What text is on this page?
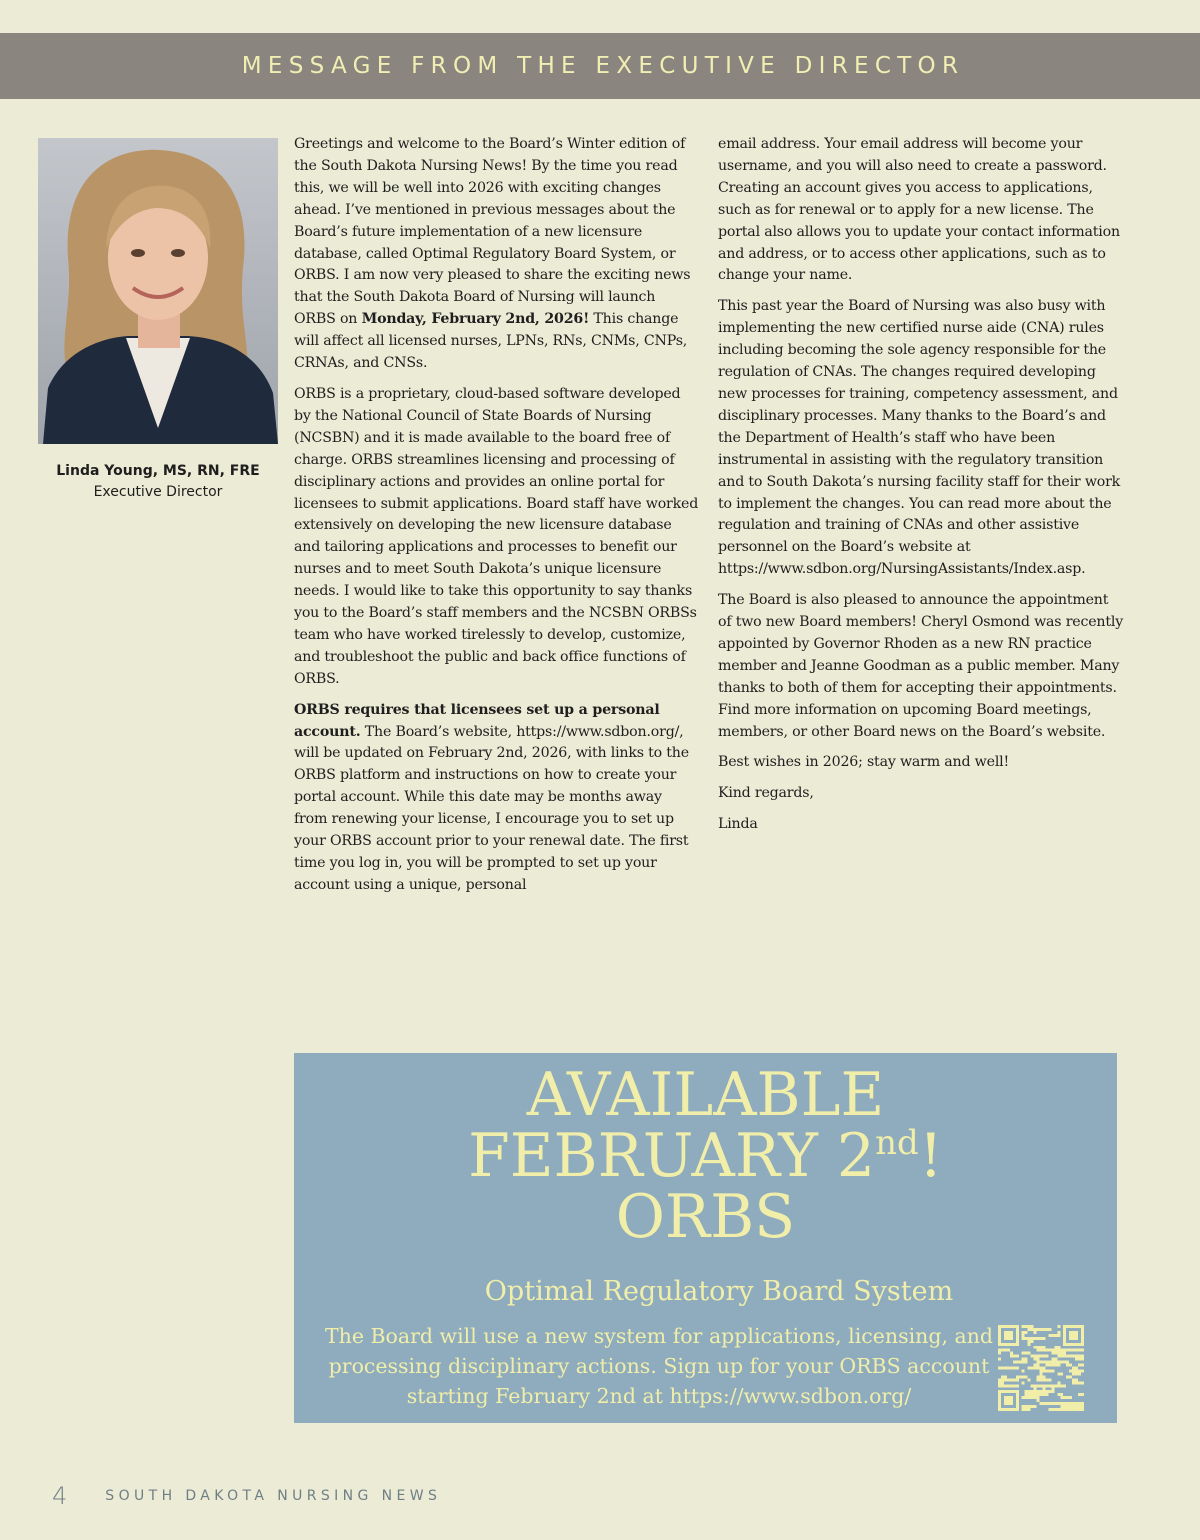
MESSAGE FROM THE EXECUTIVE DIRECTOR
Linda Young, MS, RN, FRE
Executive Director

Greetings and welcome to the Board’s Winter edition of the South Dakota Nursing News! By the time you read this, we will be well into 2026 with exciting changes ahead. I’ve mentioned in previous messages about the Board’s future implementation of a new licensure database, called Optimal Regulatory Board System, or ORBS. I am now very pleased to share the exciting news that the South Dakota Board of Nursing will launch ORBS on Monday, February 2nd, 2026! This change will affect all licensed nurses, LPNs, RNs, CNMs, CNPs, CRNAs, and CNSs.

ORBS is a proprietary, cloud-based software developed by the National Council of State Boards of Nursing (NCSBN) and it is made available to the board free of charge. ORBS streamlines licensing and processing of disciplinary actions and provides an online portal for licensees to submit applications. Board staff have worked extensively on developing the new licensure database and tailoring applications and processes to benefit our nurses and to meet South Dakota’s unique licensure needs. I would like to take this opportunity to say thanks you to the Board’s staff members and the NCSBN ORBSs team who have worked tirelessly to develop, customize, and troubleshoot the public and back office functions of ORBS.

ORBS requires that licensees set up a personal account. The Board’s website, https://www.sdbon.org/, will be updated on February 2nd, 2026, with links to the ORBS platform and instructions on how to create your portal account. While this date may be months away from renewing your license, I encourage you to set up your ORBS account prior to your renewal date. The first time you log in, you will be prompted to set up your account using a unique, personal

email address. Your email address will become your username, and you will also need to create a password. Creating an account gives you access to applications, such as for renewal or to apply for a new license. The portal also allows you to update your contact information and address, or to access other applications, such as to change your name.

This past year the Board of Nursing was also busy with implementing the new certified nurse aide (CNA) rules including becoming the sole agency responsible for the regulation of CNAs. The changes required developing new processes for training, competency assessment, and disciplinary processes. Many thanks to the Board’s and the Department of Health’s staff who have been instrumental in assisting with the regulatory transition and to South Dakota’s nursing facility staff for their work to implement the changes. You can read more about the regulation and training of CNAs and other assistive personnel on the Board’s website at https://www.sdbon.org/NursingAssistants/Index.asp.

The Board is also pleased to announce the appointment of two new Board members! Cheryl Osmond was recently appointed by Governor Rhoden as a new RN practice member and Jeanne Goodman as a public member. Many thanks to both of them for accepting their appointments. Find more information on upcoming Board meetings, members, or other Board news on the Board’s website.

Best wishes in 2026; stay warm and well!

Kind regards,

Linda

AVAILABLE
FEBRUARY 2nd!
ORBS
Optimal Regulatory Board System
The Board will use a new system for applications, licensing, and processing disciplinary actions. Sign up for your ORBS account starting February 2nd at https://www.sdbon.org/
4	SOUTH DAKOTA NURSING NEWS
